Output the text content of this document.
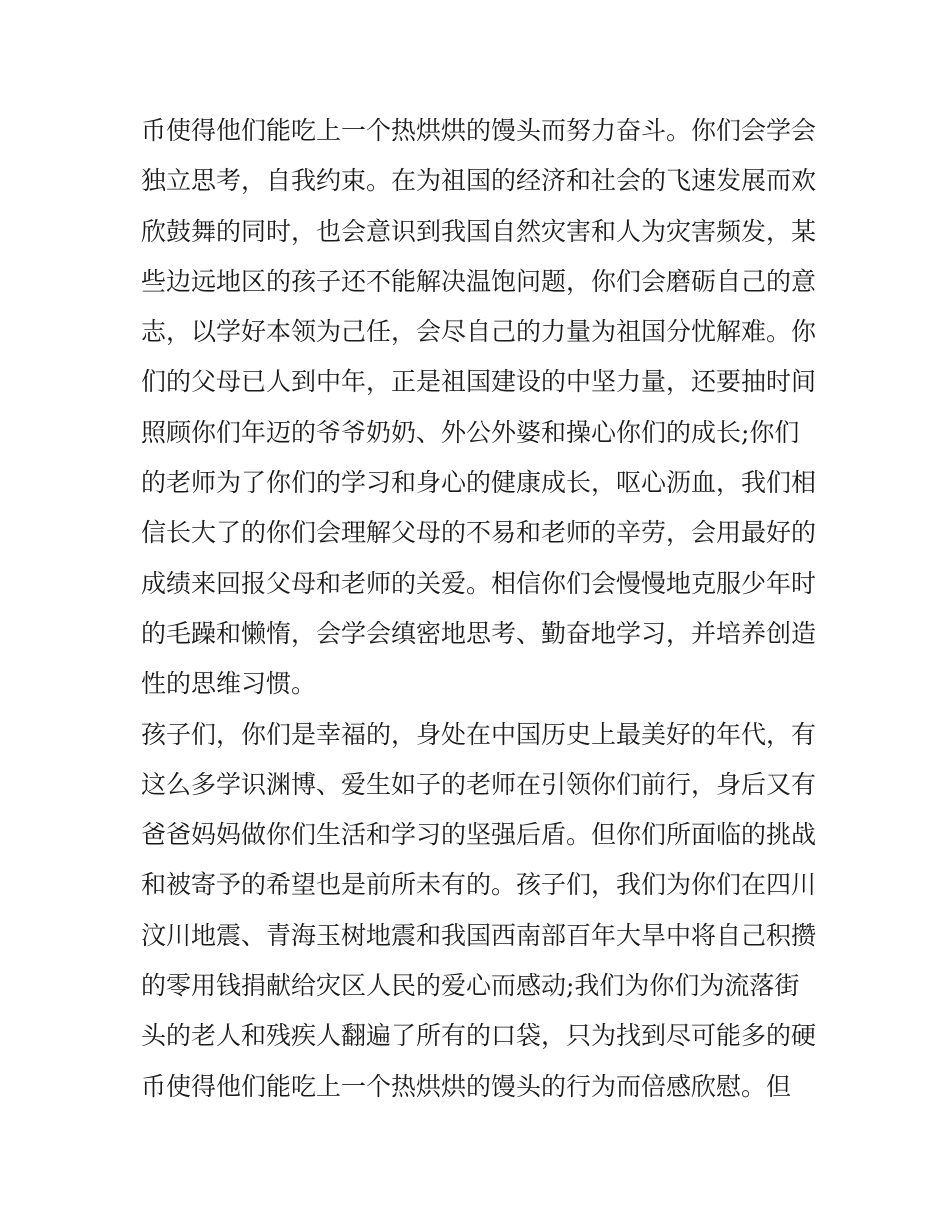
币使得他们能吃上一个热烘烘的馒头而努力奋斗。你们会学会
独立思考，自我约束。在为祖国的经济和社会的飞速发展而欢
欣鼓舞的同时，也会意识到我国自然灾害和人为灾害频发，某
些边远地区的孩子还不能解决温饱问题，你们会磨砺自己的意
志，以学好本领为己任，会尽自己的力量为祖国分忧解难。你
们的父母已人到中年，正是祖国建设的中坚力量，还要抽时间
照顾你们年迈的爷爷奶奶、外公外婆和操心你们的成长;你们
的老师为了你们的学习和身心的健康成长，呕心沥血，我们相
信长大了的你们会理解父母的不易和老师的辛劳，会用最好的
成绩来回报父母和老师的关爱。相信你们会慢慢地克服少年时
的毛躁和懒惰，会学会缜密地思考、勤奋地学习，并培养创造
性的思维习惯。
孩子们，你们是幸福的，身处在中国历史上最美好的年代，有
这么多学识渊博、爱生如子的老师在引领你们前行，身后又有
爸爸妈妈做你们生活和学习的坚强后盾。但你们所面临的挑战
和被寄予的希望也是前所未有的。孩子们，我们为你们在四川
汶川地震、青海玉树地震和我国西南部百年大旱中将自己积攒
的零用钱捐献给灾区人民的爱心而感动;我们为你们为流落街
头的老人和残疾人翻遍了所有的口袋，只为找到尽可能多的硬
币使得他们能吃上一个热烘烘的馒头的行为而倍感欣慰。但
